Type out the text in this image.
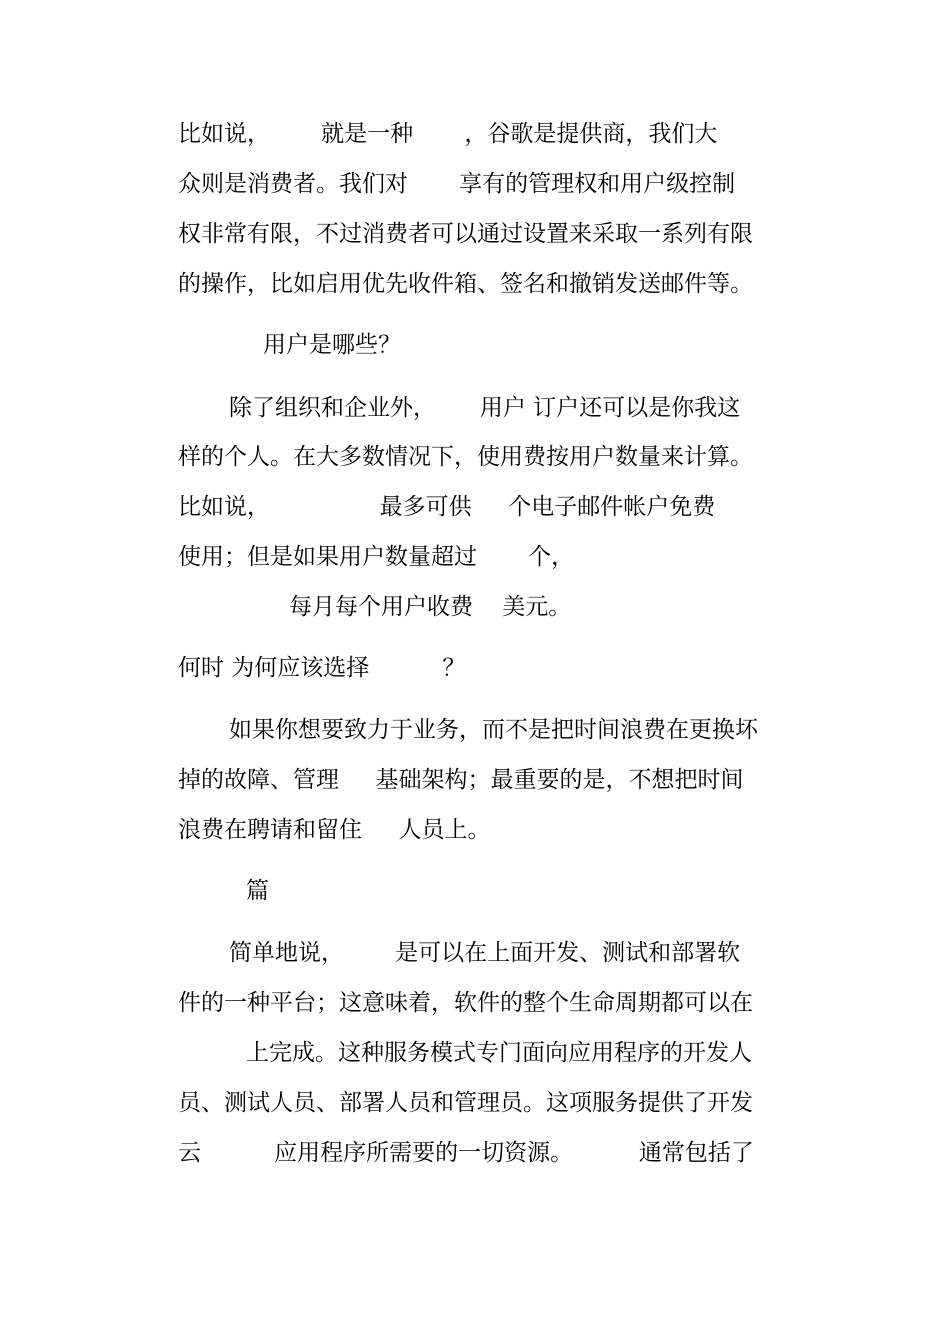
比如说，       就是一种       ，谷歌是提供商，我们大
众则是消费者。我们对       享有的管理权和用户级控制
权非常有限，不过消费者可以通过设置来采取一系列有限
的操作，比如启用优先收件箱、签名和撤销发送邮件等。
用户是哪些？
除了组织和企业外，      用户 订户还可以是你我这
样的个人。在大多数情况下，使用费按用户数量来计算。
比如说，               最多可供     个电子邮件帐户免费
使用；但是如果用户数量超过       个，
每月每个用户收费    美元。
何时 为何应该选择          ？
如果你想要致力于业务，而不是把时间浪费在更换坏
掉的故障、管理     基础架构；最重要的是，不想把时间
浪费在聘请和留住     人员上。
篇
简单地说，       是可以在上面开发、测试和部署软
件的一种平台；这意味着，软件的整个生命周期都可以在
上完成。这种服务模式专门面向应用程序的开发人
员、测试人员、部署人员和管理员。这项服务提供了开发
云          应用程序所需要的一切资源。         通常包括了
